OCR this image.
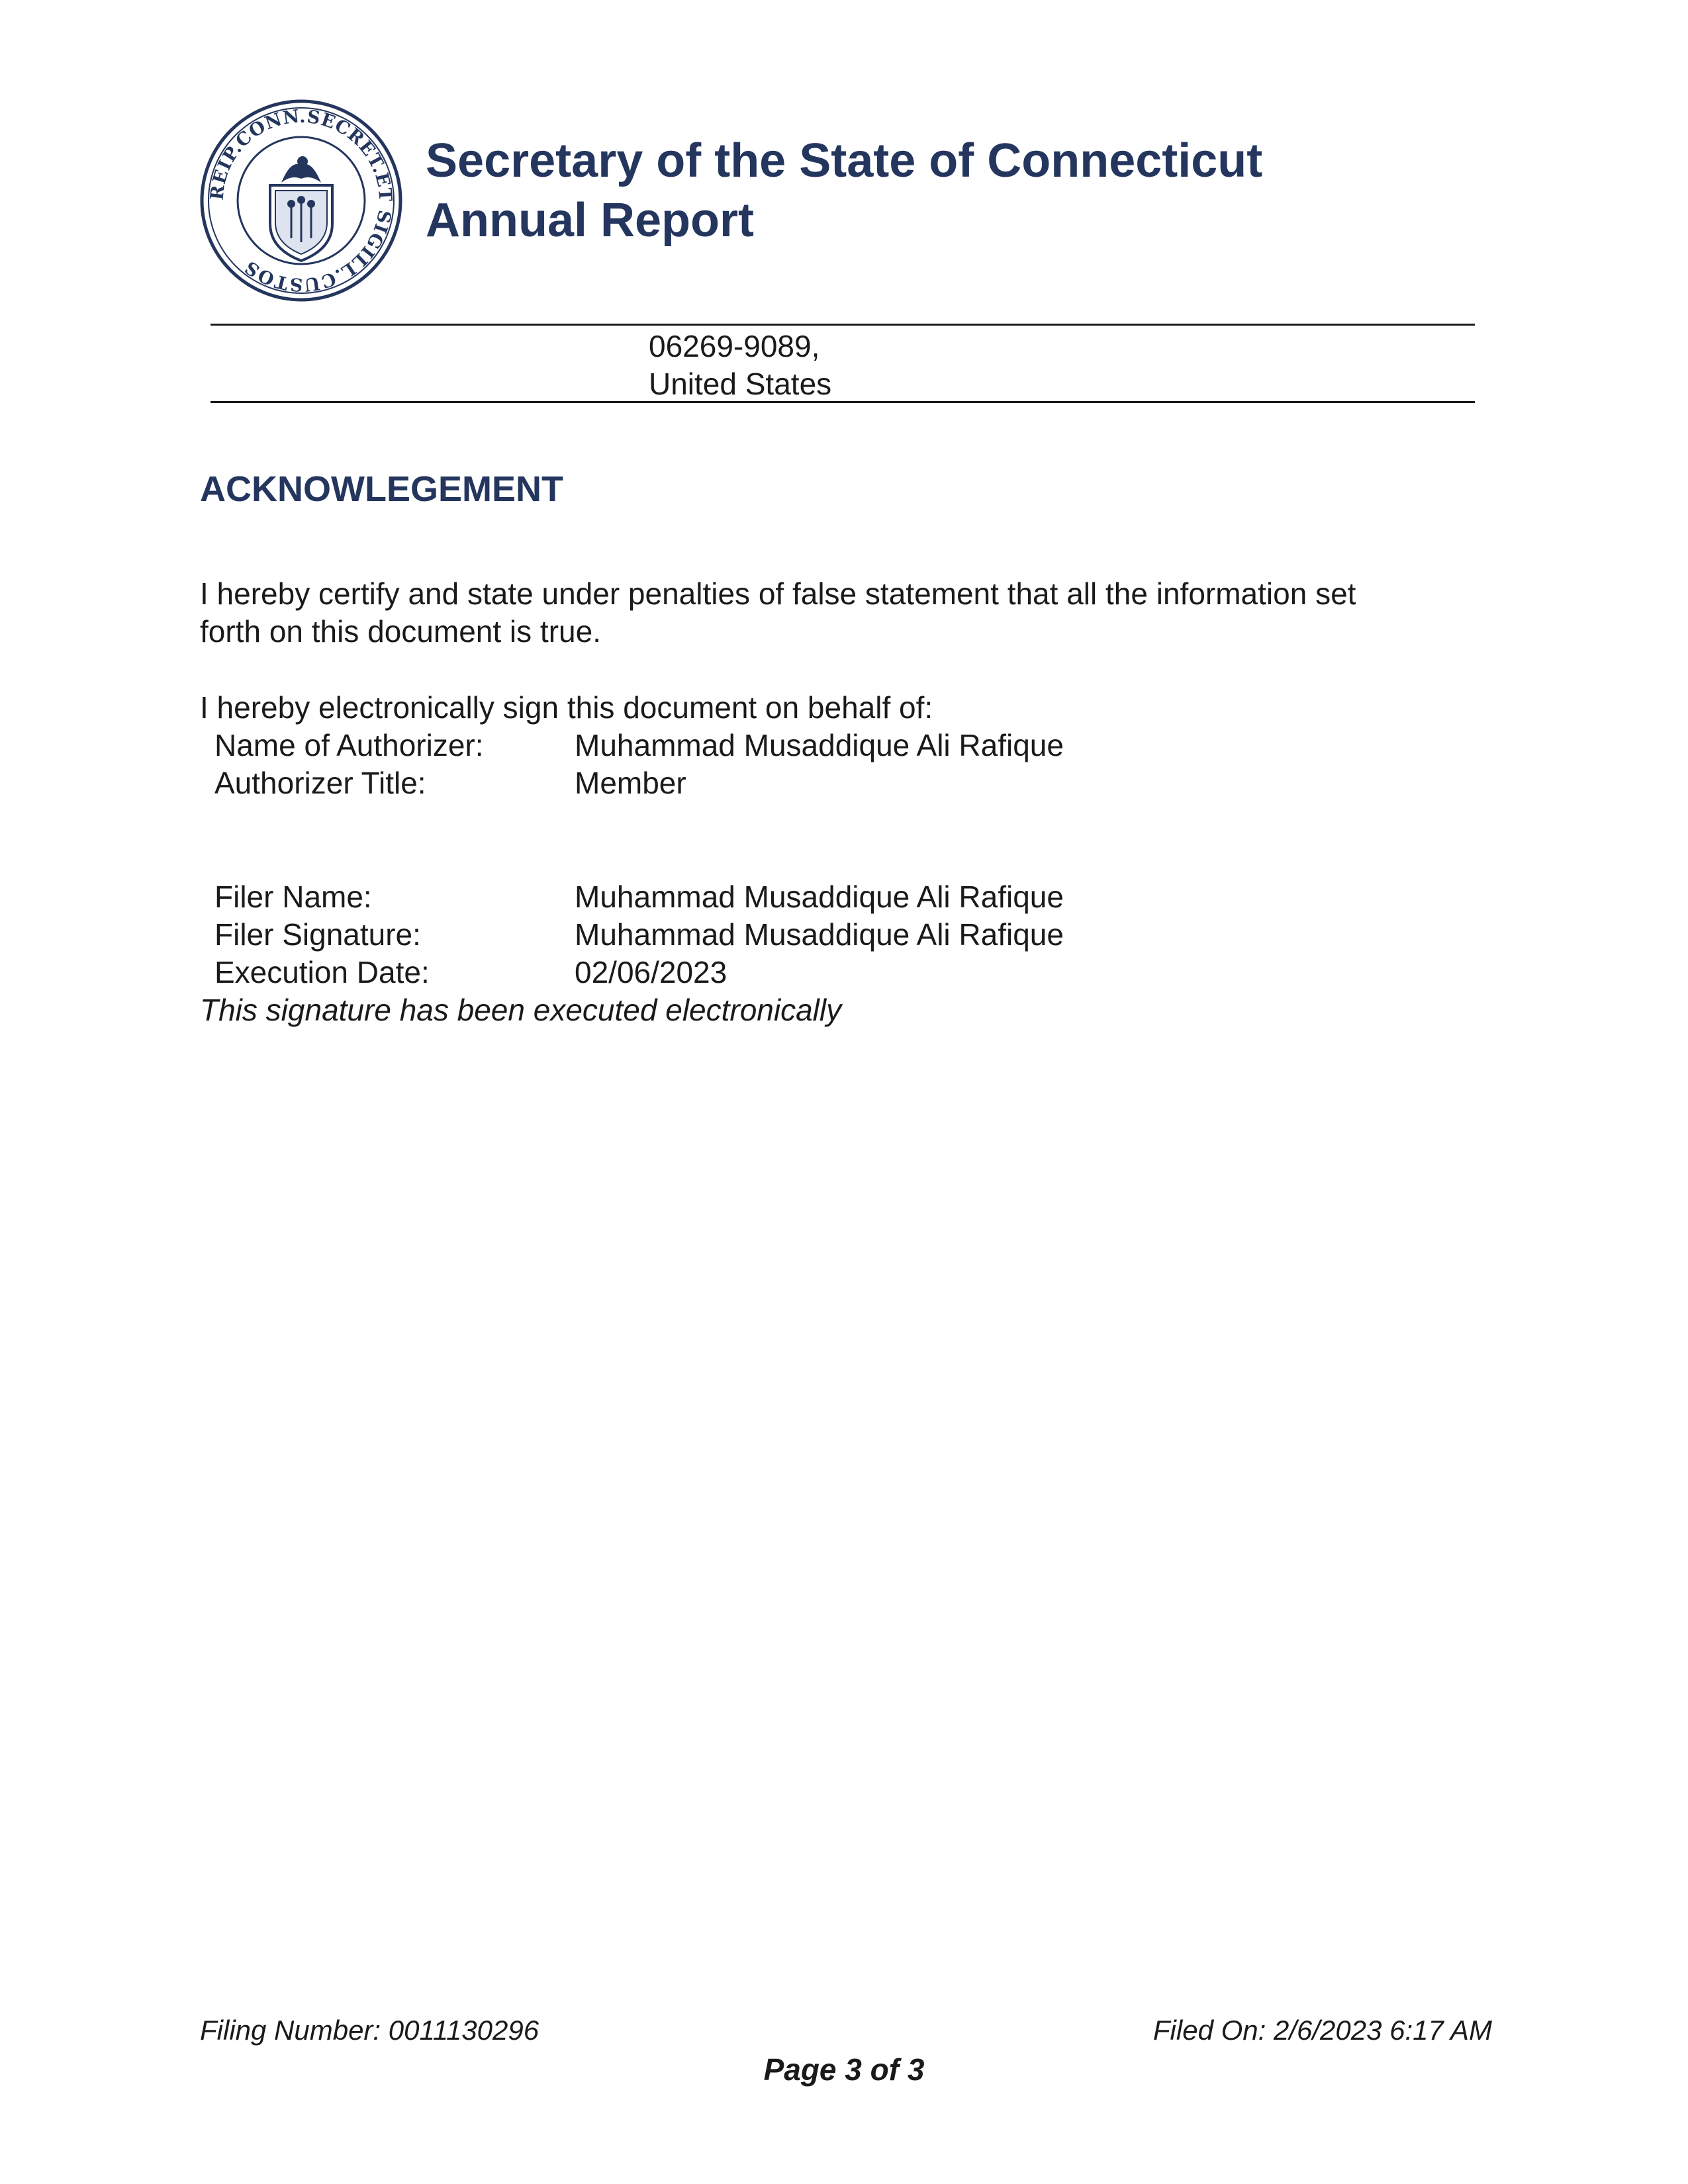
REIP.CONN.SECRET.ET SIGILL.CUSTOS
Secretary of the State of Connecticut
Annual Report
06269-9089,
United States
ACKNOWLEGEMENT
I hereby certify and state under penalties of false statement that all the information set
forth on this document is true.
I hereby electronically sign this document on behalf of:
Name of Authorizer:	Muhammad Musaddique Ali Rafique
Authorizer Title:	Member
Filer Name:	Muhammad Musaddique Ali Rafique
Filer Signature:	Muhammad Musaddique Ali Rafique
Execution Date:	02/06/2023
This signature has been executed electronically
Filing Number: 0011130296	Filed On: 2/6/2023 6:17 AM
Page 3 of 3
